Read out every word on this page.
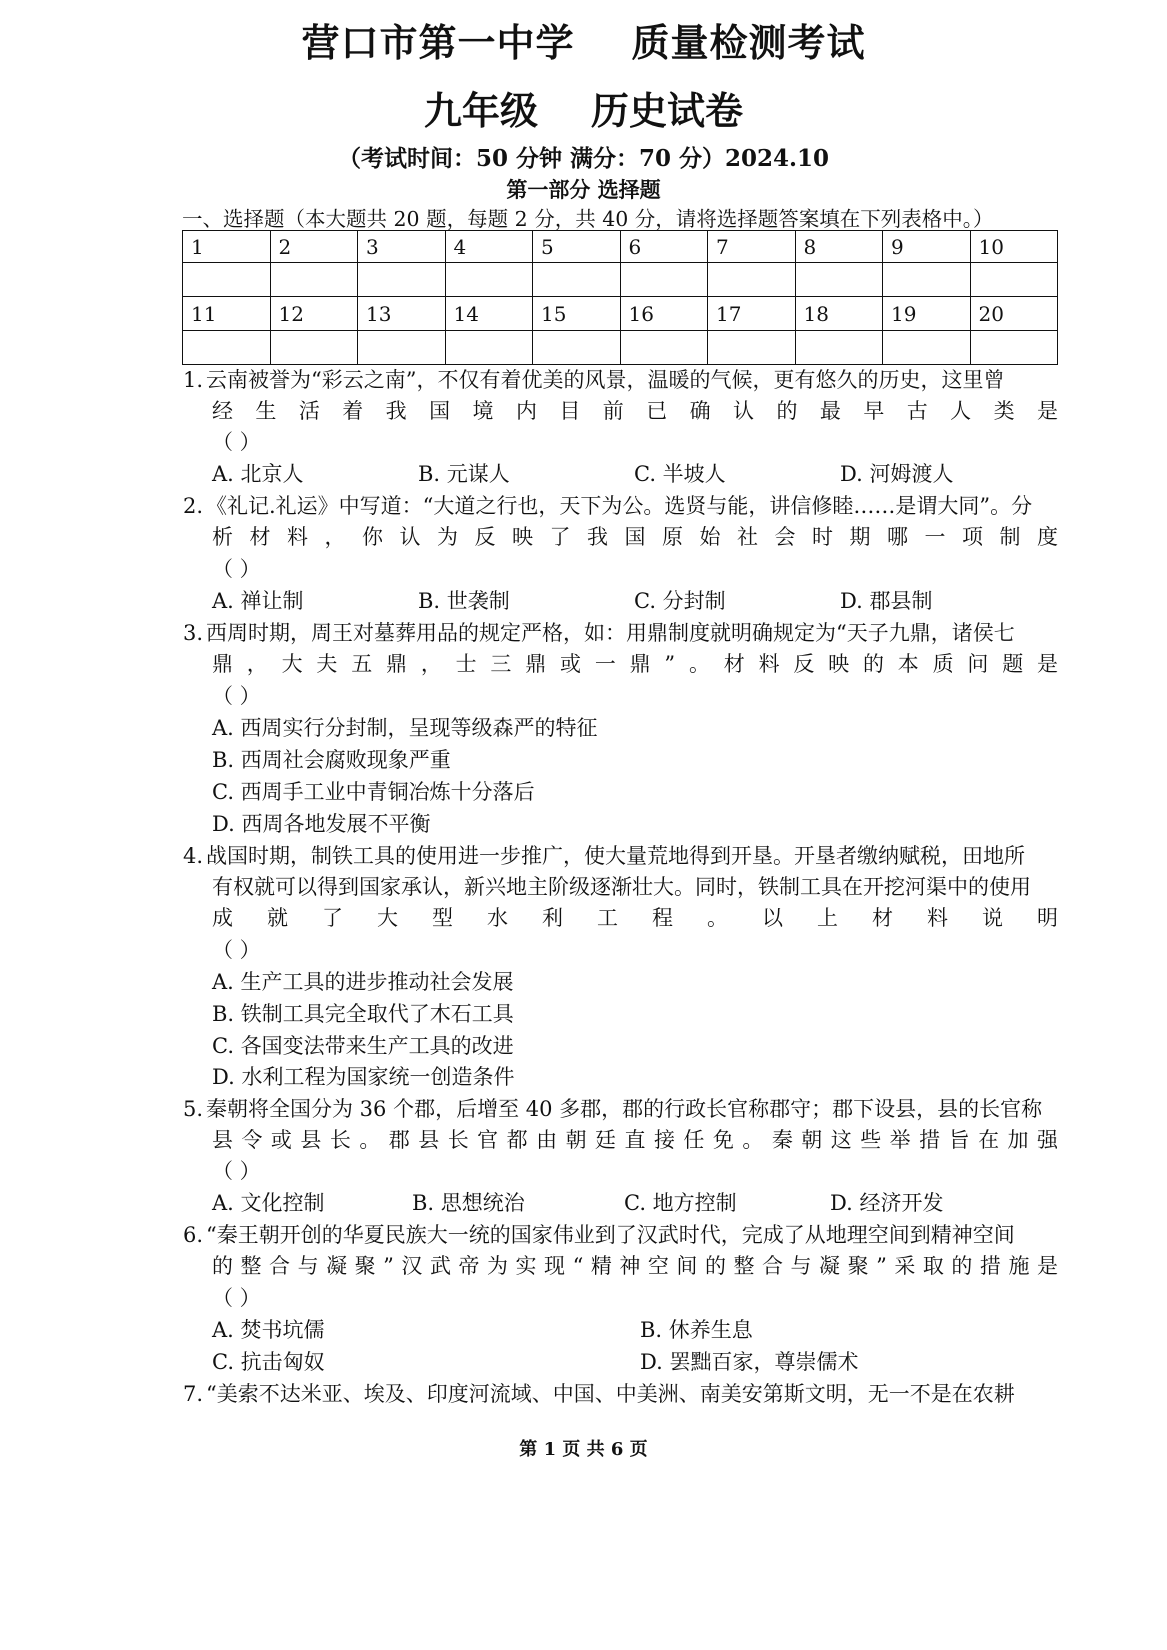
营口市第一中学 质量检测考试
九年级 历史试卷
（考试时间：50 分钟 满分：70 分）2024.10
第一部分 选择题
一、选择题（本大题共 20 题，每题 2 分，共 40 分，请将选择题答案填在下列表格中。）
1	2	3	4	5	6	7	8	9	10

11	12	13	14	15	16	17	18	19	20

1. 云南被誉为“彩云之南”，不仅有着优美的风景，温暖的气候，更有悠久的历史，这里曾
经生活着我国境内目前已确认的最早古人类是
（ ）
A. 北京人	B. 元谋人	C. 半坡人	D. 河姆渡人
2. 《礼记.礼运》中写道：“大道之行也，天下为公。选贤与能，讲信修睦……是谓大同”。分
析材料，你认为反映了我国原始社会时期哪一项制度
（ ）
A. 禅让制	B. 世袭制	C. 分封制	D. 郡县制
3. 西周时期，周王对墓葬用品的规定严格，如：用鼎制度就明确规定为“天子九鼎，诸侯七
鼎，大夫五鼎，士三鼎或一鼎”。材料反映的本质问题是
（ ）
A. 西周实行分封制，呈现等级森严的特征
B. 西周社会腐败现象严重
C. 西周手工业中青铜冶炼十分落后
D. 西周各地发展不平衡
4. 战国时期，制铁工具的使用进一步推广，使大量荒地得到开垦。开垦者缴纳赋税，田地所
有权就可以得到国家承认，新兴地主阶级逐渐壮大。同时，铁制工具在开挖河渠中的使用
成就了大型水利工程。以上材料说明
（ ）
A. 生产工具的进步推动社会发展
B. 铁制工具完全取代了木石工具
C. 各国变法带来生产工具的改进
D. 水利工程为国家统一创造条件
5. 秦朝将全国分为 36 个郡，后增至 40 多郡，郡的行政长官称郡守；郡下设县，县的长官称
县令或县长。郡县长官都由朝廷直接任免。秦朝这些举措旨在加强
（ ）
A. 文化控制	B. 思想统治	C. 地方控制	D. 经济开发
6. “秦王朝开创的华夏民族大一统的国家伟业到了汉武时代，完成了从地理空间到精神空间
的整合与凝聚”汉武帝为实现“精神空间的整合与凝聚”采取的措施是
（ ）
A. 焚书坑儒	B. 休养生息
C. 抗击匈奴	D. 罢黜百家，尊崇儒术
7. “美索不达米亚、埃及、印度河流域、中国、中美洲、南美安第斯文明，无一不是在农耕
第 1 页 共 6 页
